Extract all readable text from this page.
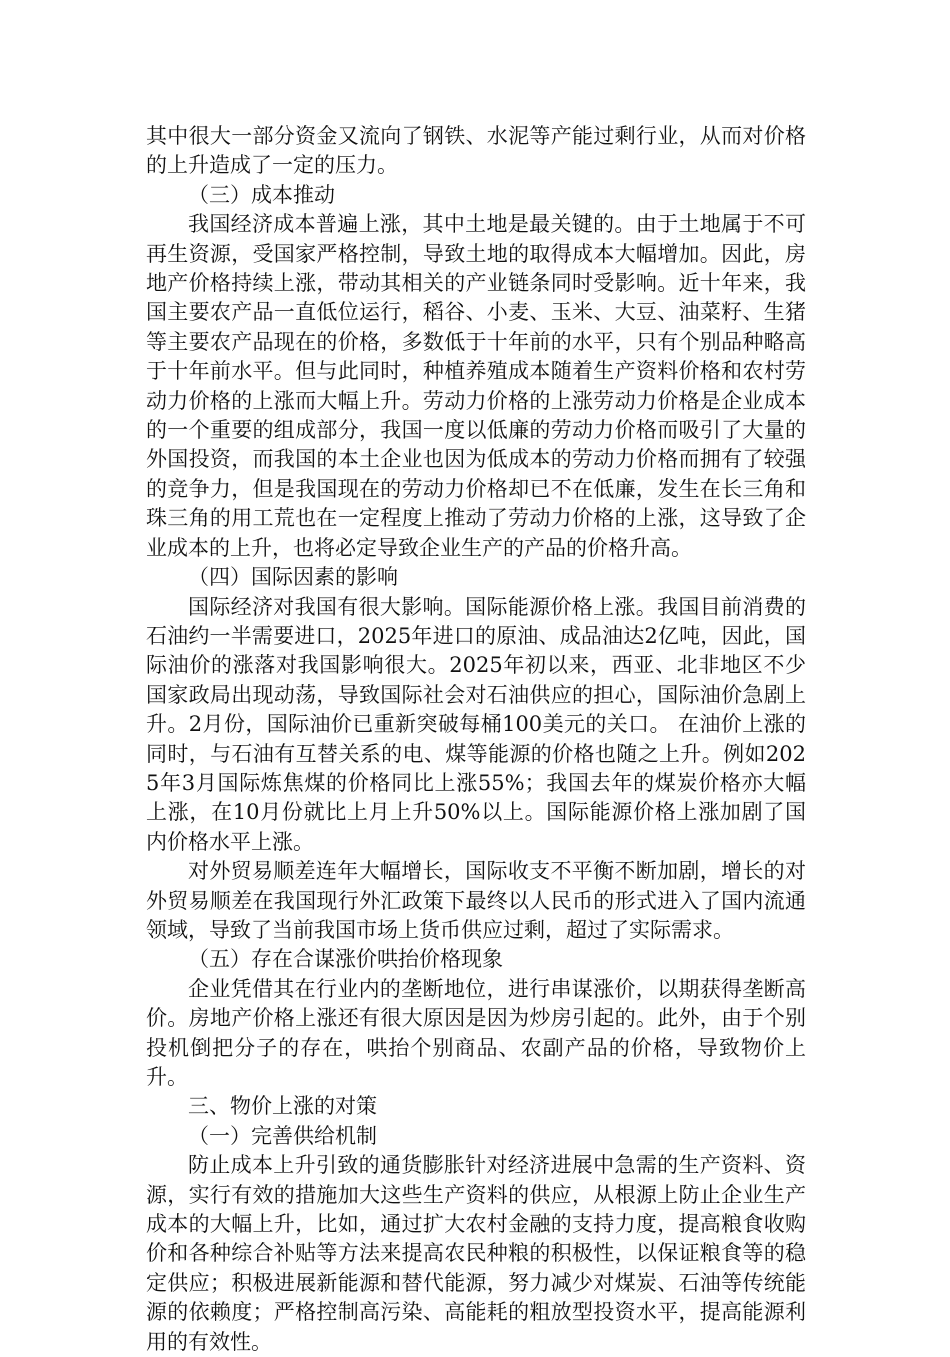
其中很大一部分资金又流向了钢铁、水泥等产能过剩行业，从而对价格的上升造成了一定的压力。

（三）成本推动

我国经济成本普遍上涨，其中土地是最关键的。由于土地属于不可再生资源，受国家严格控制，导致土地的取得成本大幅增加。因此，房地产价格持续上涨，带动其相关的产业链条同时受影响。近十年来，我国主要农产品一直低位运行，稻谷、小麦、玉米、大豆、油菜籽、生猪等主要农产品现在的价格，多数低于十年前的水平，只有个别品种略高于十年前水平。但与此同时，种植养殖成本随着生产资料价格和农村劳动力价格的上涨而大幅上升。劳动力价格的上涨劳动力价格是企业成本的一个重要的组成部分，我国一度以低廉的劳动力价格而吸引了大量的外国投资，而我国的本土企业也因为低成本的劳动力价格而拥有了较强的竞争力，但是我国现在的劳动力价格却已不在低廉，发生在长三角和珠三角的用工荒也在一定程度上推动了劳动力价格的上涨，这导致了企业成本的上升，也将必定导致企业生产的产品的价格升高。

（四）国际因素的影响

国际经济对我国有很大影响。国际能源价格上涨。我国目前消费的石油约一半需要进口，2025年进口的原油、成品油达2亿吨，因此，国际油价的涨落对我国影响很大。2025年初以来，西亚、北非地区不少国家政局出现动荡，导致国际社会对石油供应的担心，国际油价急剧上升。2月份，国际油价已重新突破每桶100美元的关口。 在油价上涨的同时，与石油有互替关系的电、煤等能源的价格也随之上升。例如2025年3月国际炼焦煤的价格同比上涨55%；我国去年的煤炭价格亦大幅上涨，在10月份就比上月上升50%以上。国际能源价格上涨加剧了国内价格水平上涨。

对外贸易顺差连年大幅增长，国际收支不平衡不断加剧，增长的对外贸易顺差在我国现行外汇政策下最终以人民币的形式进入了国内流通领域，导致了当前我国市场上货币供应过剩，超过了实际需求。

（五）存在合谋涨价哄抬价格现象

企业凭借其在行业内的垄断地位，进行串谋涨价，以期获得垄断高价。房地产价格上涨还有很大原因是因为炒房引起的。此外，由于个别投机倒把分子的存在，哄抬个别商品、农副产品的价格，导致物价上升。

三、物价上涨的对策

（一）完善供给机制

防止成本上升引致的通货膨胀针对经济进展中急需的生产资料、资源，实行有效的措施加大这些生产资料的供应，从根源上防止企业生产成本的大幅上升，比如，通过扩大农村金融的支持力度，提高粮食收购价和各种综合补贴等方法来提高农民种粮的积极性，以保证粮食等的稳定供应；积极进展新能源和替代能源，努力减少对煤炭、石油等传统能源的依赖度；严格控制高污染、高能耗的粗放型投资水平，提高能源利用的有效性。
